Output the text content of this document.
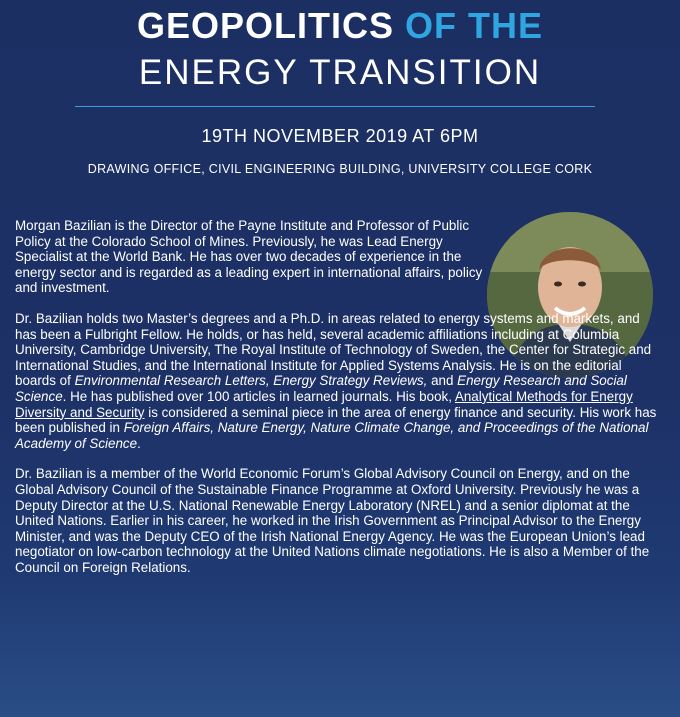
GEOPOLITICS OF THE
ENERGY TRANSITION
19TH NOVEMBER 2019 AT 6PM
DRAWING OFFICE, CIVIL ENGINEERING BUILDING, UNIVERSITY COLLEGE CORK

Morgan Bazilian is the Director of the Payne Institute and Professor of Public Policy at the Colorado School of Mines. Previously, he was Lead Energy Specialist at the World Bank. He has over two decades of experience in the energy sector and is regarded as a leading expert in international affairs, policy and investment.

Dr. Bazilian holds two Master’s degrees and a Ph.D. in areas related to energy systems and markets, and has been a Fulbright Fellow. He holds, or has held, several academic affiliations including at Columbia University, Cambridge University, The Royal Institute of Technology of Sweden, the Center for Strategic and International Studies, and the International Institute for Applied Systems Analysis. He is on the editorial boards of Environmental Research Letters, Energy Strategy Reviews, and Energy Research and Social Science. He has published over 100 articles in learned journals. His book, Analytical Methods for Energy Diversity and Security is considered a seminal piece in the area of energy finance and security. His work has been published in Foreign Affairs, Nature Energy, Nature Climate Change, and Proceedings of the National Academy of Science.

Dr. Bazilian is a member of the World Economic Forum’s Global Advisory Council on Energy, and on the Global Advisory Council of the Sustainable Finance Programme at Oxford University. Previously he was a Deputy Director at the U.S. National Renewable Energy Laboratory (NREL) and a senior diplomat at the United Nations. Earlier in his career, he worked in the Irish Government as Principal Advisor to the Energy Minister, and was the Deputy CEO of the Irish National Energy Agency. He was the European Union’s lead negotiator on low-carbon technology at the United Nations climate negotiations. He is also a Member of the Council on Foreign Relations.
